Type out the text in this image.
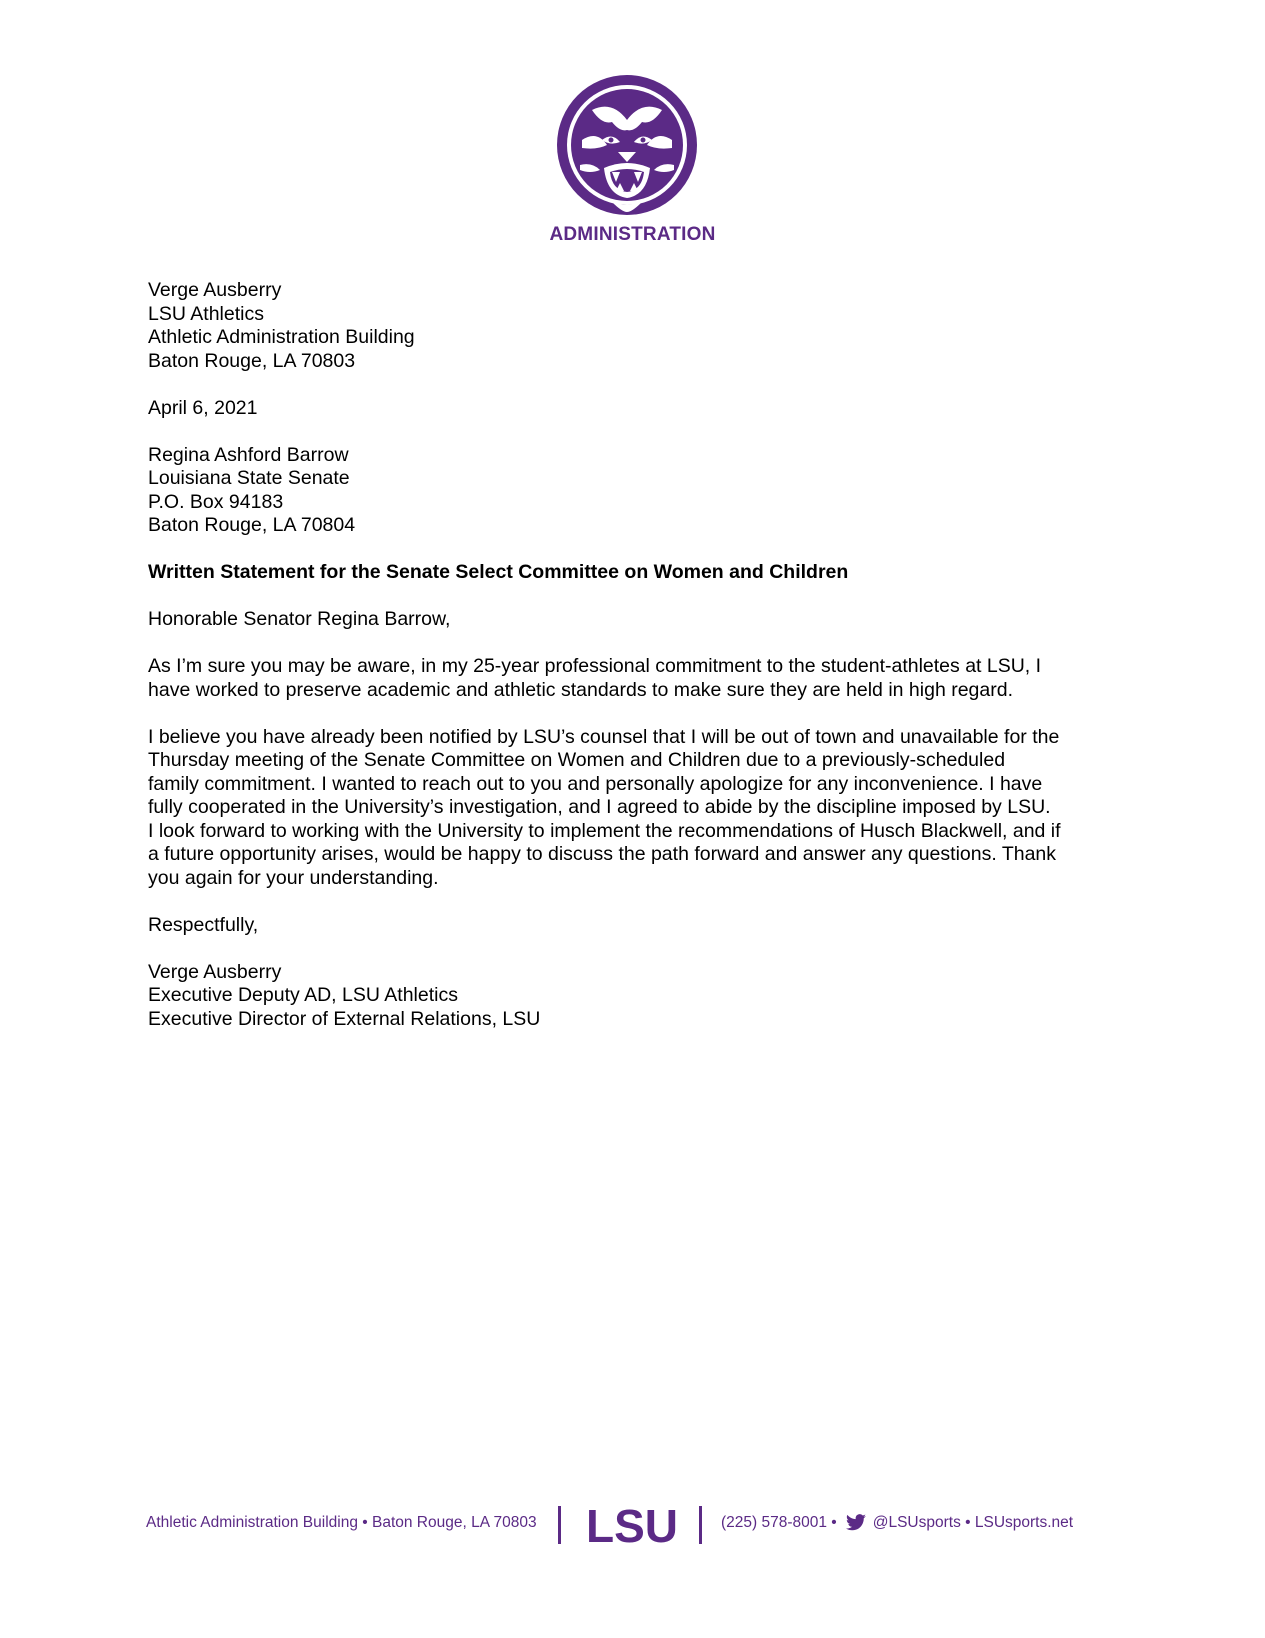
ADMINISTRATION
Verge Ausberry
LSU Athletics
Athletic Administration Building
Baton Rouge, LA 70803
April 6, 2021
Regina Ashford Barrow
Louisiana State Senate
P.O. Box 94183
Baton Rouge, LA 70804
Written Statement for the Senate Select Committee on Women and Children
Honorable Senator Regina Barrow,
As I’m sure you may be aware, in my 25-year professional commitment to the student-athletes at LSU, I
have worked to preserve academic and athletic standards to make sure they are held in high regard.
I believe you have already been notified by LSU’s counsel that I will be out of town and unavailable for the
Thursday meeting of the Senate Committee on Women and Children due to a previously-scheduled
family commitment. I wanted to reach out to you and personally apologize for any inconvenience. I have
fully cooperated in the University’s investigation, and I agreed to abide by the discipline imposed by LSU.
I look forward to working with the University to implement the recommendations of Husch Blackwell, and if
a future opportunity arises, would be happy to discuss the path forward and answer any questions. Thank
you again for your understanding.
Respectfully,
Verge Ausberry
Executive Deputy AD, LSU Athletics
Executive Director of External Relations, LSU
Athletic Administration Building • Baton Rouge, LA 70803 LSU	(225) 578-8001 • @LSUsports • LSUsports.net
